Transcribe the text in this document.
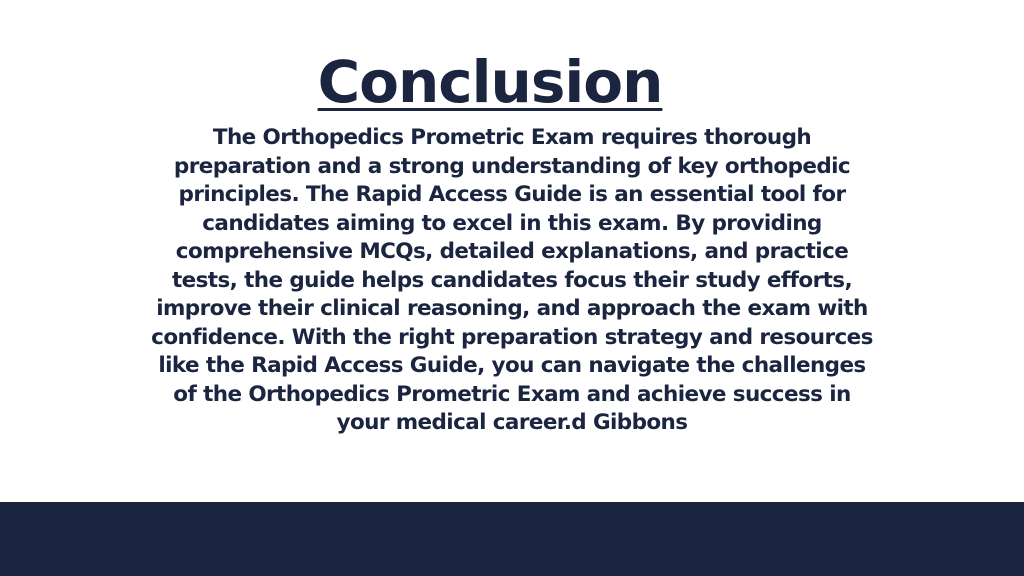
Conclusion

The Orthopedics Prometric Exam requires thorough preparation and a strong understanding of key orthopedic principles. The Rapid Access Guide is an essential tool for candidates aiming to excel in this exam. By providing comprehensive MCQs, detailed explanations, and practice tests, the guide helps candidates focus their study efforts, improve their clinical reasoning, and approach the exam with confidence. With the right preparation strategy and resources like the Rapid Access Guide, you can navigate the challenges of the Orthopedics Prometric Exam and achieve success in your medical career.d Gibbons
